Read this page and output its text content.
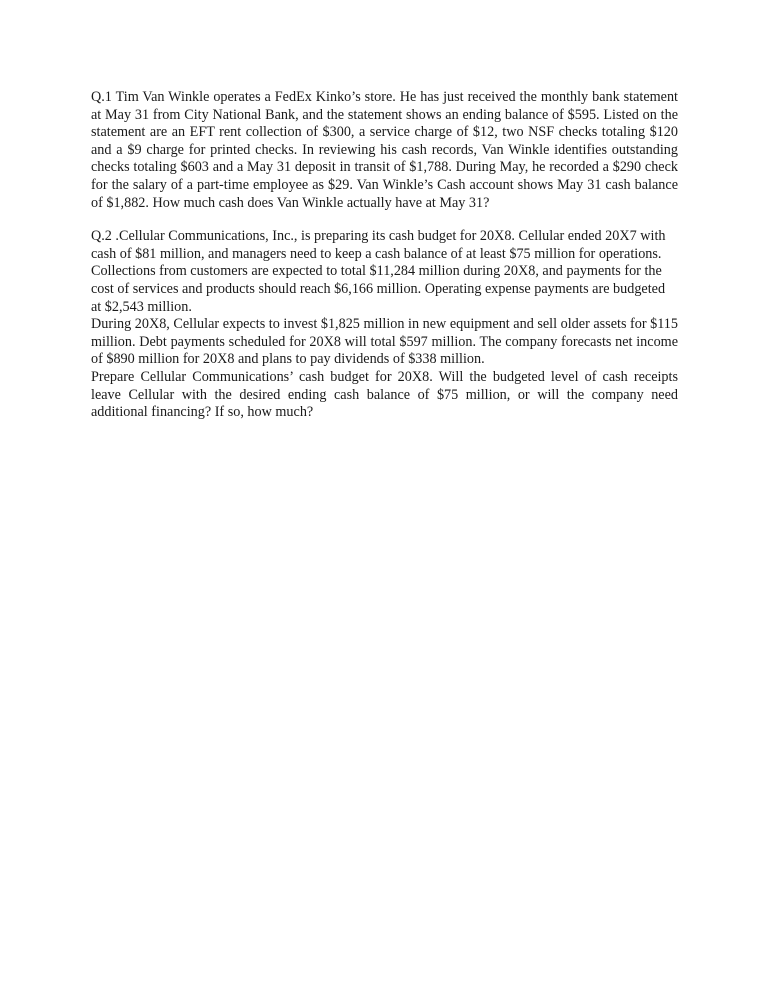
Q.1 Tim Van Winkle operates a FedEx Kinko’s store. He has just received the monthly bank statement at May 31 from City National Bank, and the statement shows an ending balance of $595. Listed on the statement are an EFT rent collection of $300, a service charge of $12, two NSF checks totaling $120 and a $9 charge for printed checks. In reviewing his cash records, Van Winkle identifies outstanding checks totaling $603 and a May 31 deposit in transit of $1,788. During May, he recorded a $290 check for the salary of a part-time employee as $29. Van Winkle’s Cash account shows May 31 cash balance of $1,882. How much cash does Van Winkle actually have at May 31?

Q.2 .Cellular Communications, Inc., is preparing its cash budget for 20X8. Cellular ended 20X7 with cash of $81 million, and managers need to keep a cash balance of at least $75 million for operations. Collections from customers are expected to total $11,284 million during 20X8, and payments for the cost of services and products should reach $6,166 million. Operating expense payments are budgeted at $2,543 million.

During 20X8, Cellular expects to invest $1,825 million in new equipment and sell older assets for $115 million. Debt payments scheduled for 20X8 will total $597 million. The company forecasts net income of $890 million for 20X8 and plans to pay dividends of $338 million.

Prepare Cellular Communications’ cash budget for 20X8. Will the budgeted level of cash receipts leave Cellular with the desired ending cash balance of $75 million, or will the company need additional financing? If so, how much?
